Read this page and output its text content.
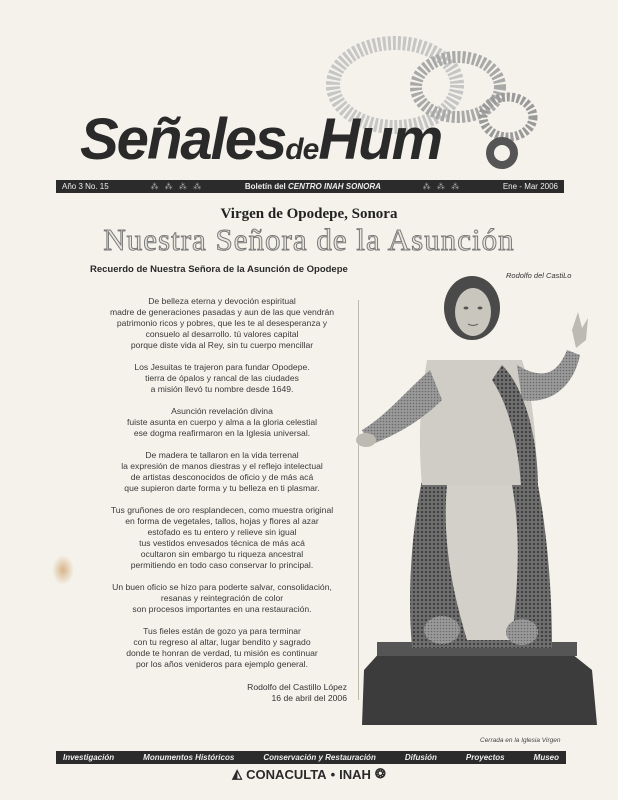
SeñalesdeHum
Año 3 No. 15	⁂ ⁂ ⁂ ⁂	Boletín del CENTRO INAH SONORA	⁂ ⁂ ⁂	Ene - Mar 2006
Virgen de Opodepe, Sonora
Nuestra Señora de la Asunción
Recuerdo de Nuestra Señora de la Asunción de Opodepe
Rodolfo del CastiLo
De belleza eterna y devoción espiritual
madre de generaciones pasadas y aun de las que vendrán
patrimonio ricos y pobres, que les te al desesperanza y
consuelo al desarrollo. tú valores capital
porque diste vida al Rey, sin tu cuerpo mencillar
Los Jesuitas te trajeron para fundar Opodepe.
tierra de ópalos y rancal de las ciudades
a misión llevó tu nombre desde 1649.
Asunción revelación divina
fuiste asunta en cuerpo y alma a la gloria celestial
ese dogma reafirmaron en la Iglesia universal.
De madera te tallaron en la vida terrenal
la expresión de manos diestras y el reflejo intelectual
de artistas desconocidos de oficio y de más acá
que supieron darte forma y tu belleza en ti plasmar.
Tus gruñones de oro resplandecen, como muestra original
en forma de vegetales, tallos, hojas y flores al azar
estofado es tu entero y relieve sin igual
tus vestidos envesados técnica de más acá
ocultaron sin embargo tu riqueza ancestral
permitiendo en todo caso conservar lo principal.
Un buen oficio se hizo para poderte salvar, consolidación,
resanas y reintegración de color
son procesos importantes en una restauración.
Tus fieles están de gozo ya para terminar
con tu regreso al altar, lugar bendito y sagrado
donde te honran de verdad, tu misión es continuar
por los años venideros para ejemplo general.
Rodolfo del Castillo López
16 de abril del 2006
Cerrada en la Iglesia Virgen
Investigación	Monumentos Históricos	Conservación y Restauración	Difusión	Proyectos	Museo
◭ CONACULTA • INAH ❂
